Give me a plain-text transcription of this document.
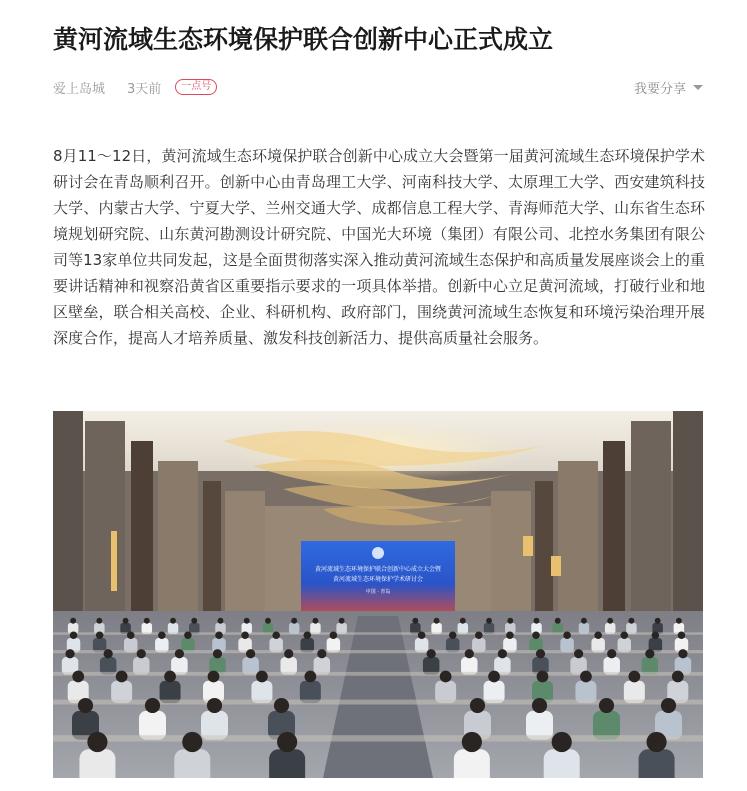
黄河流域生态环境保护联合创新中心正式成立
爱上岛城 3天前	一点号	我要分享

8月11～12日，黄河流域生态环境保护联合创新中心成立大会暨第一届黄河流域生态环境保护学术研讨会在青岛顺利召开。创新中心由青岛理工大学、河南科技大学、太原理工大学、西安建筑科技大学、内蒙古大学、宁夏大学、兰州交通大学、成都信息工程大学、青海师范大学、山东省生态环境规划研究院、山东黄河勘测设计研究院、中国光大环境（集团）有限公司、北控水务集团有限公司等13家单位共同发起，这是全面贯彻落实深入推动黄河流域生态保护和高质量发展座谈会上的重要讲话精神和视察沿黄省区重要指示要求的一项具体举措。创新中心立足黄河流域，打破行业和地区壁垒，联合相关高校、企业、科研机构、政府部门，围绕黄河流域生态恢复和环境污染治理开展深度合作，提高人才培养质量、激发科技创新活力、提供高质量社会服务。

黄河流域生态环境保护联合创新中心成立大会暨
黄河流域生态环境保护学术研讨会
中国 · 青岛
